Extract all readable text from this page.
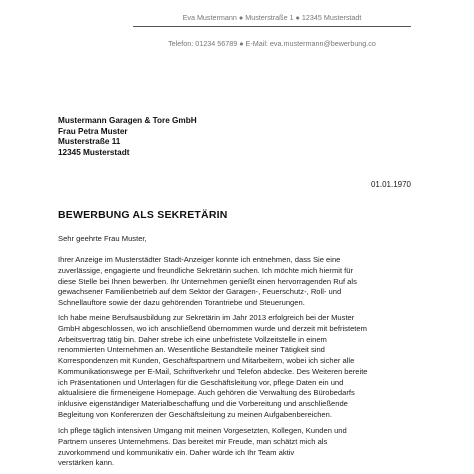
Eva Mustermann ● Musterstraße 1 ● 12345 Musterstadt
Telefon: 01234 56789 ● E-Mail: eva.mustermann@bewerbung.co
Mustermann Garagen & Tore GmbH
Frau Petra Muster
Musterstraße 11
12345 Musterstadt
01.01.1970
BEWERBUNG ALS SEKRETÄRIN
Sehr geehrte Frau Muster,
Ihrer Anzeige im Musterstädter Stadt-Anzeiger konnte ich entnehmen, dass Sie eine
zuverlässige, engagierte und freundliche Sekretärin suchen. Ich möchte mich hiermit für
diese Stelle bei Ihnen bewerben. Ihr Unternehmen genießt einen hervorragenden Ruf als
gewachsener Familienbetrieb auf dem Sektor der Garagen-, Feuerschutz-, Roll- und
Schnellauftore sowie der dazu gehörenden Torantriebe und Steuerungen.
Ich habe meine Berufsausbildung zur Sekretärin im Jahr 2013 erfolgreich bei der Muster
GmbH abgeschlossen, wo ich anschließend übernommen wurde und derzeit mit befristetem
Arbeitsvertrag tätig bin. Daher strebe ich eine unbefristete Vollzeitstelle in einem
renommierten Unternehmen an. Wesentliche Bestandteile meiner Tätigkeit sind
Korrespondenzen mit Kunden, Geschäftspartnern und Mitarbeitern, wobei ich sicher alle
Kommunikationswege per E-Mail, Schriftverkehr und Telefon abdecke. Des Weiteren bereite
ich Präsentationen und Unterlagen für die Geschäftsleitung vor, pflege Daten ein und
aktualisiere die firmeneigene Homepage. Auch gehören die Verwaltung des Bürobedarfs
inklusive eigenständiger Materialbeschaffung und die Vorbereitung und anschließende
Begleitung von Konferenzen der Geschäftsleitung zu meinen Aufgabenbereichen.
Ich pflege täglich intensiven Umgang mit meinen Vorgesetzten, Kollegen, Kunden und
Partnern unseres Unternehmens. Das bereitet mir Freude, man schätzt mich als
zuvorkommend und kommunikativ ein. Daher würde ich Ihr Team aktiv
verstärken kann.
